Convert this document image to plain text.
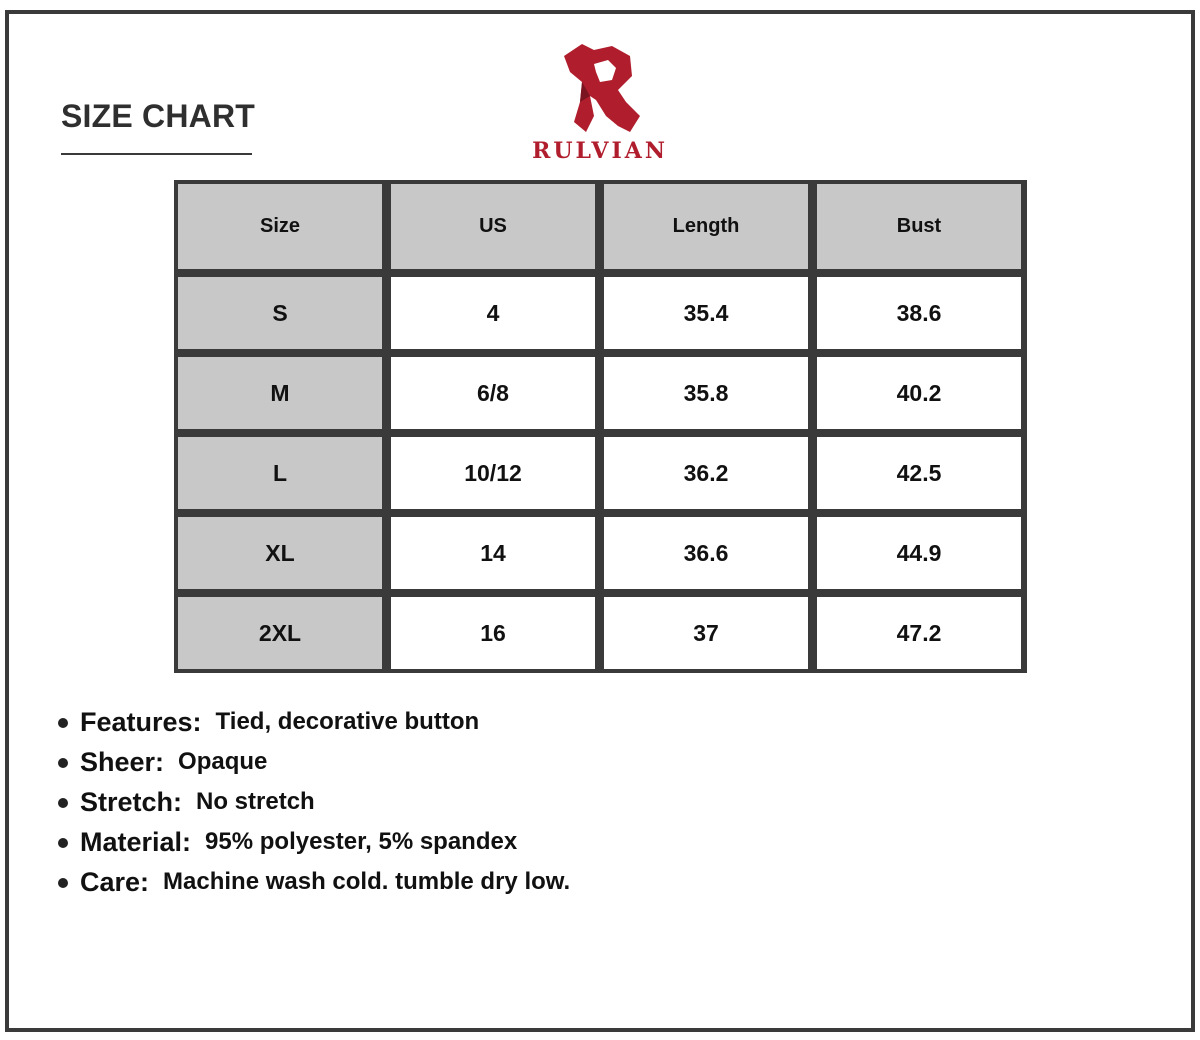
SIZE CHART
RULVIAN
Size	US	Length	Bust
S	4	35.4	38.6
M	6/8	35.8	40.2
L	10/12	36.2	42.5
XL	14	36.6	44.9
2XL	16	37	47.2
Features: Tied, decorative button
Sheer: Opaque
Stretch: No stretch
Material: 95% polyester, 5% spandex
Care: Machine wash cold. tumble dry low.
